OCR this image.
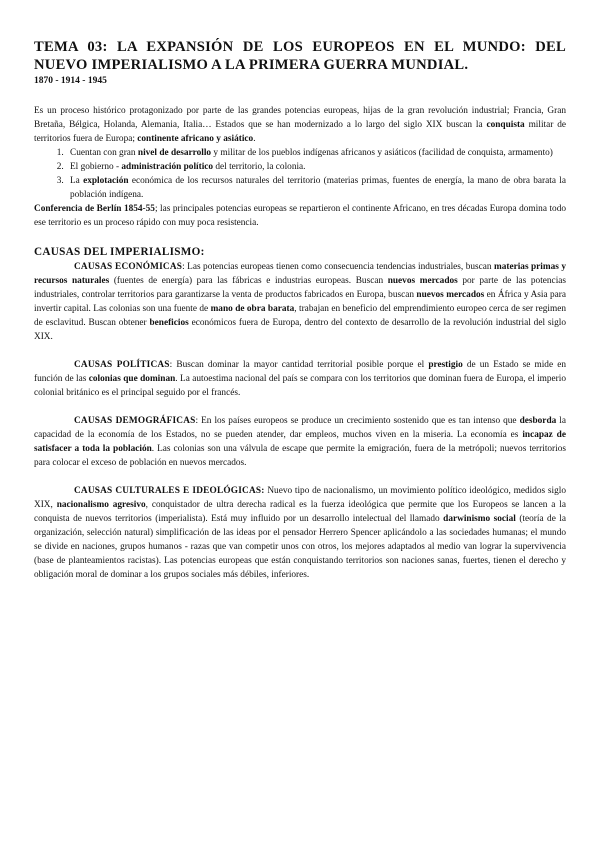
TEMA 03: LA EXPANSIÓN DE LOS EUROPEOS EN EL MUNDO: DEL NUEVO IMPERIALISMO A LA PRIMERA GUERRA MUNDIAL.
1870 - 1914 - 1945

Es un proceso histórico protagonizado por parte de las grandes potencias europeas, hijas de la gran revolución industrial; Francia, Gran Bretaña, Bélgica, Holanda, Alemania, Italia… Estados que se han modernizado a lo largo del siglo XIX buscan la conquista militar de territorios fuera de Europa; continente africano y asiático.

1. Cuentan con gran nivel de desarrollo y militar de los pueblos indígenas africanos y asiáticos (facilidad de conquista, armamento)
2. El gobierno - administración político del territorio, la colonia.
3. La explotación económica de los recursos naturales del territorio (materias primas, fuentes de energía, la mano de obra barata la población indígena.

Conferencia de Berlín 1854-55; las principales potencias europeas se repartieron el continente Africano, en tres décadas Europa domina todo ese territorio es un proceso rápido con muy poca resistencia.

CAUSAS DEL IMPERIALISMO:

CAUSAS ECONÓMICAS: Las potencias europeas tienen como consecuencia tendencias industriales, buscan materias primas y recursos naturales (fuentes de energía) para las fábricas e industrias europeas. Buscan nuevos mercados por parte de las potencias industriales, controlar territorios para garantizarse la venta de productos fabricados en Europa, buscan nuevos mercados en África y Asia para invertir capital. Las colonias son una fuente de mano de obra barata, trabajan en beneficio del emprendimiento europeo cerca de ser regimen de esclavitud. Buscan obtener beneficios económicos fuera de Europa, dentro del contexto de desarrollo de la revolución industrial del siglo XIX.

CAUSAS POLÍTICAS: Buscan dominar la mayor cantidad territorial posible porque el prestigio de un Estado se mide en función de las colonias que dominan. La autoestima nacional del país se compara con los territorios que dominan fuera de Europa, el imperio colonial británico es el principal seguido por el francés.

CAUSAS DEMOGRÁFICAS: En los países europeos se produce un crecimiento sostenido que es tan intenso que desborda la capacidad de la economía de los Estados, no se pueden atender, dar empleos, muchos viven en la miseria. La economía es incapaz de satisfacer a toda la población. Las colonias son una válvula de escape que permite la emigración, fuera de la metrópoli; nuevos territorios para colocar el exceso de población en nuevos mercados.

CAUSAS CULTURALES E IDEOLÓGICAS: Nuevo tipo de nacionalismo, un movimiento político ideológico, medidos siglo XIX, nacionalismo agresivo, conquistador de ultra derecha radical es la fuerza ideológica que permite que los Europeos se lancen a la conquista de nuevos territorios (imperialista). Está muy influido por un desarrollo intelectual del llamado darwinismo social (teoría de la organización, selección natural) simplificación de las ideas por el pensador Herrero Spencer aplicándolo a las sociedades humanas; el mundo se divide en naciones, grupos humanos - razas que van competir unos con otros, los mejores adaptados al medio van lograr la supervivencia (base de planteamientos racistas). Las potencias europeas que están conquistando territorios son naciones sanas, fuertes, tienen el derecho y obligación moral de dominar a los grupos sociales más débiles, inferiores.
